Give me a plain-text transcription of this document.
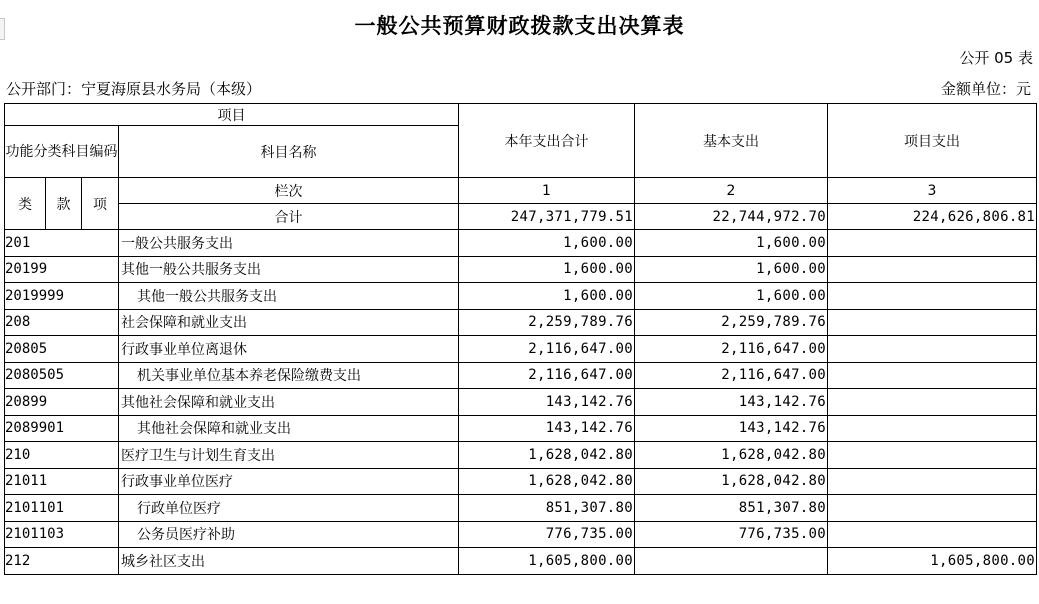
一般公共预算财政拨款支出决算表
公开 05 表
公开部门：宁夏海原县水务局（本级）	金额单位：元
项目				本年支出合计	基本支出	项目支出
功能分类科目编码			科目名称			

类	款	项	栏次	1	2	3
			合计	247,371,779.51	22,744,972.70	224,626,806.81
201			一般公共服务支出	1,600.00	1,600.00	
20199			其他一般公共服务支出	1,600.00	1,600.00	
2019999			其他一般公共服务支出	1,600.00	1,600.00	
208			社会保障和就业支出	2,259,789.76	2,259,789.76	
20805			行政事业单位离退休	2,116,647.00	2,116,647.00	
2080505			机关事业单位基本养老保险缴费支出	2,116,647.00	2,116,647.00	
20899			其他社会保障和就业支出	143,142.76	143,142.76	
2089901			其他社会保障和就业支出	143,142.76	143,142.76	
210			医疗卫生与计划生育支出	1,628,042.80	1,628,042.80	
21011			行政事业单位医疗	1,628,042.80	1,628,042.80	
2101101			行政单位医疗	851,307.80	851,307.80	
2101103			公务员医疗补助	776,735.00	776,735.00	
212			城乡社区支出	1,605,800.00		1,605,800.00
